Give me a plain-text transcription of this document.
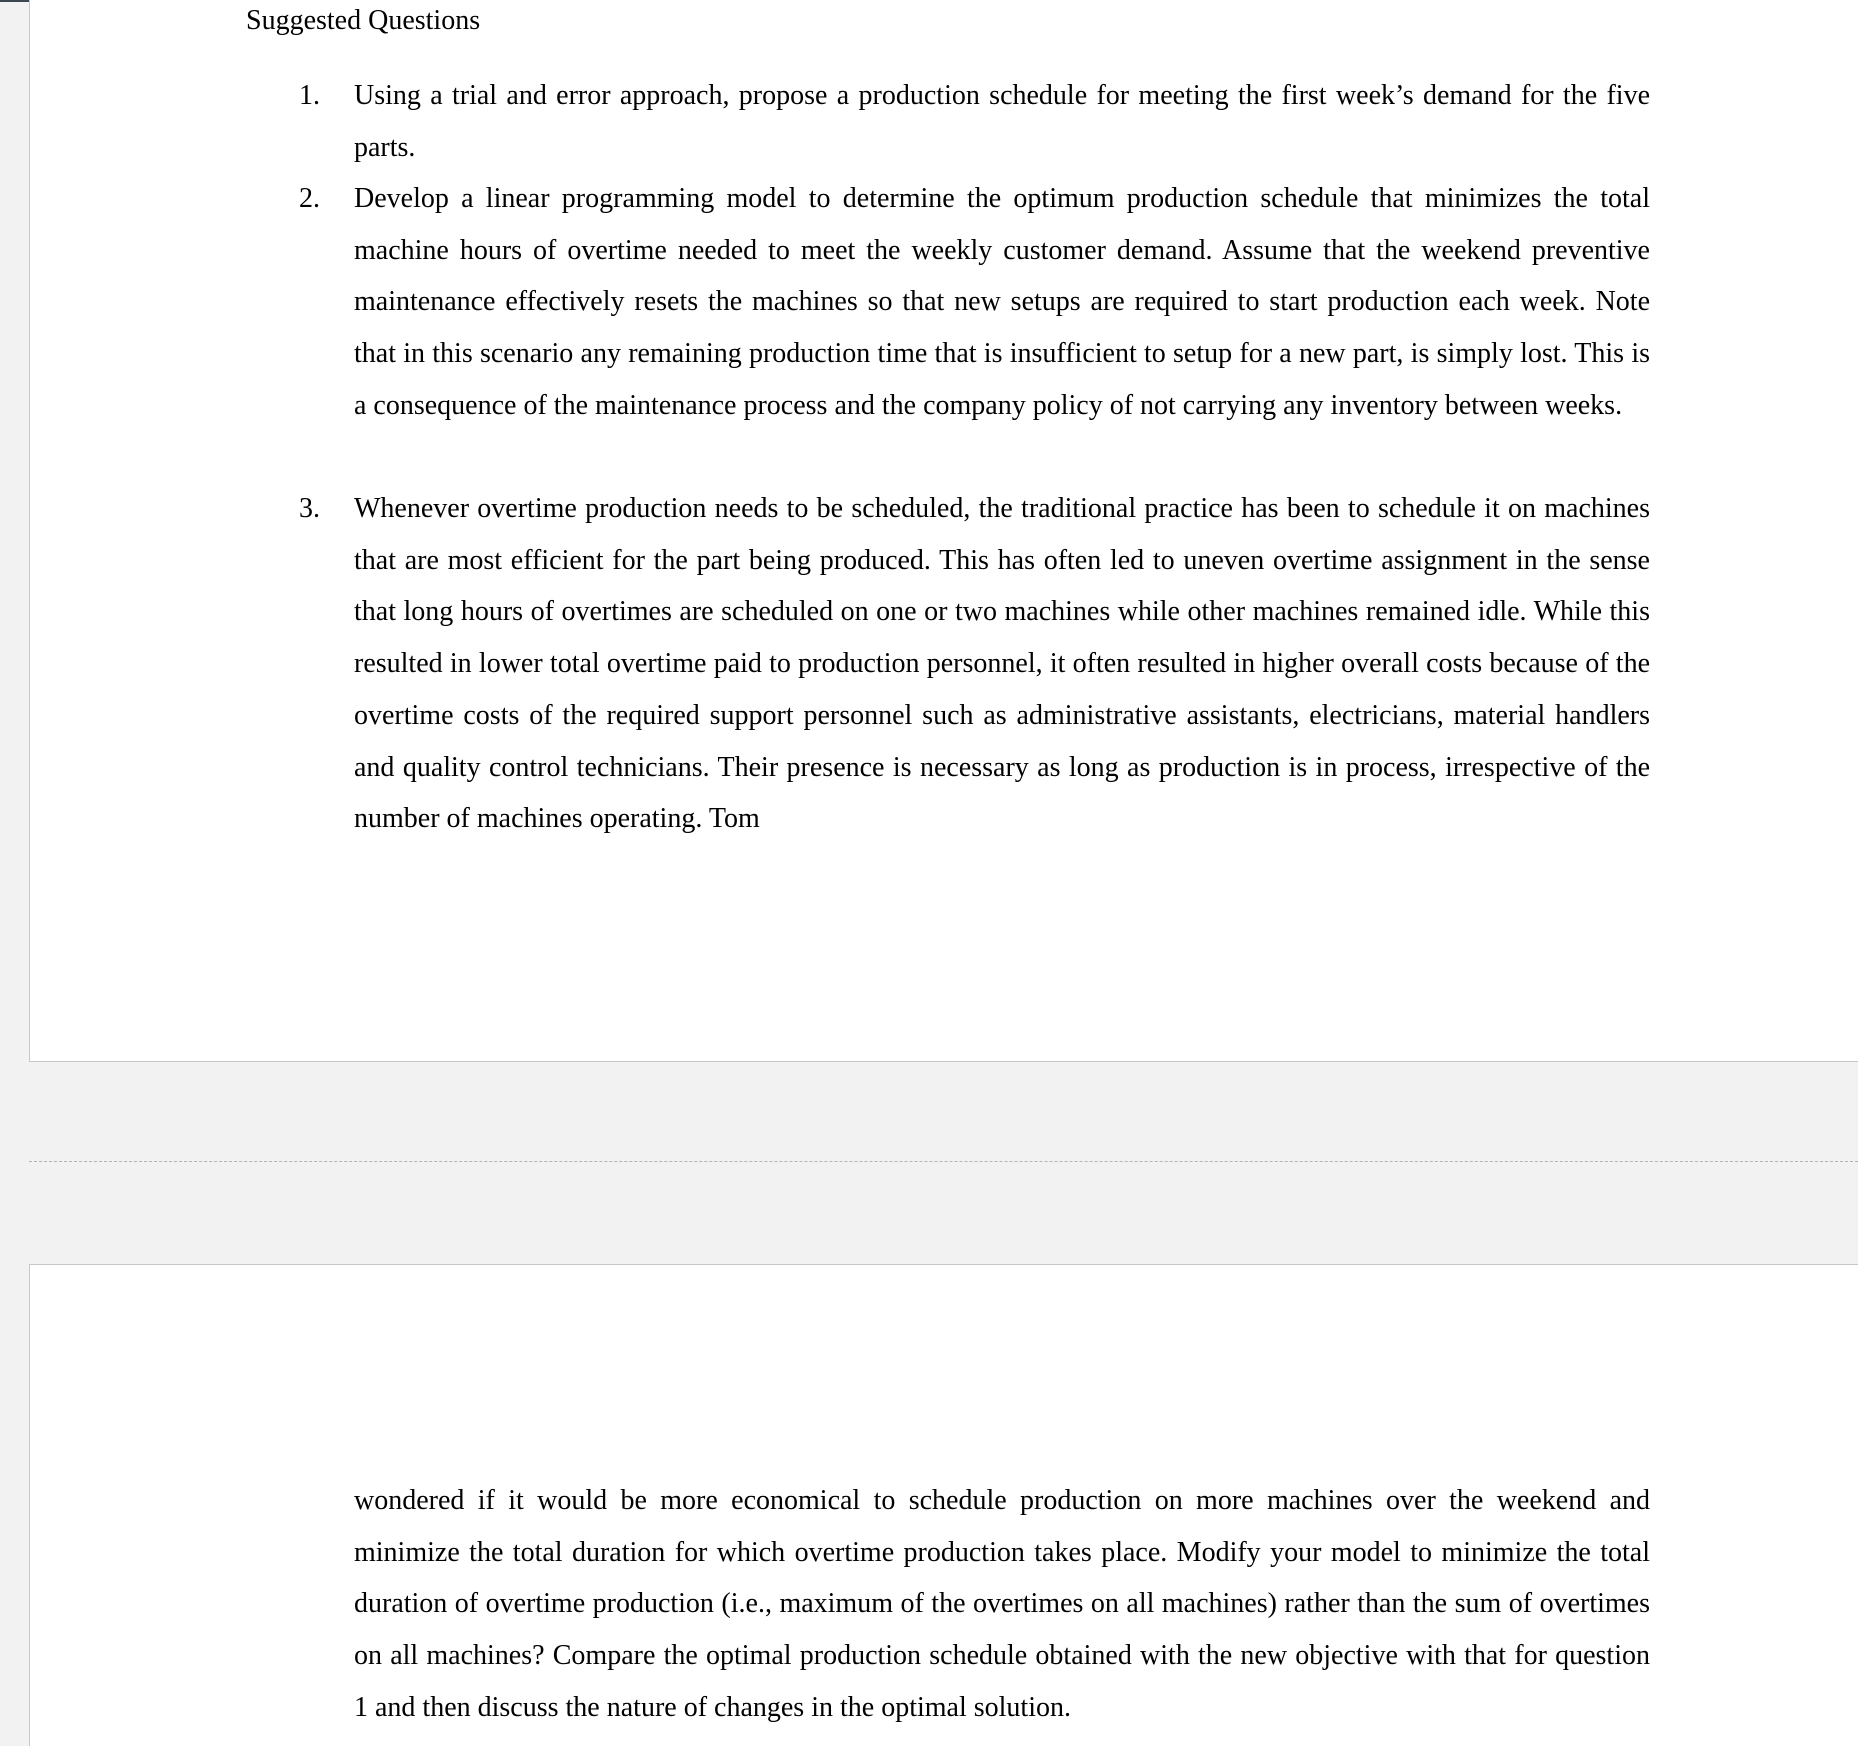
Suggested Questions
1. Using a trial and error approach, propose a production schedule for meeting the first week’s demand for the five parts.

2. Develop a linear programming model to determine the optimum production schedule that minimizes the total machine hours of overtime needed to meet the weekly customer demand. Assume that the weekend preventive maintenance effectively resets the machines so that new setups are required to start production each week. Note that in this scenario any remaining production time that is insufficient to setup for a new part, is simply lost. This is a consequence of the maintenance process and the company policy of not carrying any inventory between weeks.

3. Whenever overtime production needs to be scheduled, the traditional practice has been to schedule it on machines that are most efficient for the part being produced. This has often led to uneven overtime assignment in the sense that long hours of overtimes are scheduled on one or two machines while other machines remained idle. While this resulted in lower total overtime paid to production personnel, it often resulted in higher overall costs because of the overtime costs of the required support personnel such as administrative assistants, electricians, material handlers and quality control technicians. Their presence is necessary as long as production is in process, irrespective of the number of machines operating. Tom

wondered if it would be more economical to schedule production on more machines over the weekend and minimize the total duration for which overtime production takes place. Modify your model to minimize the total duration of overtime production (i.e., maximum of the overtimes on all machines) rather than the sum of overtimes on all machines? Compare the optimal production schedule obtained with the new objective with that for question 1 and then discuss the nature of changes in the optimal solution.
